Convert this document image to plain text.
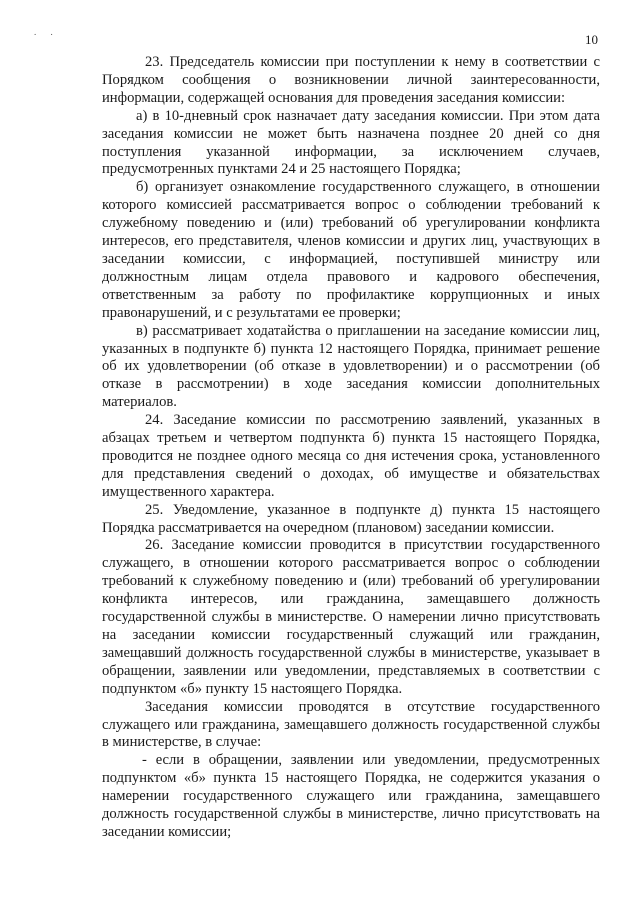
. .	10

23. Председатель комиссии при поступлении к нему в соответствии с Порядком сообщения о возникновении личной заинтересованности, информации, содержащей основания для проведения заседания комиссии:

а) в 10-дневный срок назначает дату заседания комиссии. При этом дата заседания комиссии не может быть назначена позднее 20 дней со дня поступления указанной информации, за исключением случаев, предусмотренных пунктами 24 и 25 настоящего Порядка;

б) организует ознакомление государственного служащего, в отношении которого комиссией рассматривается вопрос о соблюдении требований к служебному поведению и (или) требований об урегулировании конфликта интересов, его представителя, членов комиссии и других лиц, участвующих в заседании комиссии, с информацией, поступившей министру или должностным лицам отдела правового и кадрового обеспечения, ответственным за работу по профилактике коррупционных и иных правонарушений, и с результатами ее проверки;

в) рассматривает ходатайства о приглашении на заседание комиссии лиц, указанных в подпункте б) пункта 12 настоящего Порядка, принимает решение об их удовлетворении (об отказе в удовлетворении) и о рассмотрении (об отказе в рассмотрении) в ходе заседания комиссии дополнительных материалов.

24. Заседание комиссии по рассмотрению заявлений, указанных в абзацах третьем и четвертом подпункта б) пункта 15 настоящего Порядка, проводится не позднее одного месяца со дня истечения срока, установленного для представления сведений о доходах, об имуществе и обязательствах имущественного характера.

25. Уведомление, указанное в подпункте д) пункта 15 настоящего Порядка рассматривается на очередном (плановом) заседании комиссии.

26. Заседание комиссии проводится в присутствии государственного служащего, в отношении которого рассматривается вопрос о соблюдении требований к служебному поведению и (или) требований об урегулировании конфликта интересов, или гражданина, замещавшего должность государственной службы в министерстве. О намерении лично присутствовать на заседании комиссии государственный служащий или гражданин, замещавший должность государственной службы в министерстве, указывает в обращении, заявлении или уведомлении, представляемых в соответствии с подпунктом «б» пункту 15 настоящего Порядка.

Заседания комиссии проводятся в отсутствие государственного служащего или гражданина, замещавшего должность государственной службы в министерстве, в случае:

- если в обращении, заявлении или уведомлении, предусмотренных подпунктом «б» пункта 15 настоящего Порядка, не содержится указания о намерении государственного служащего или гражданина, замещавшего должность государственной службы в министерстве, лично присутствовать на заседании комиссии;
